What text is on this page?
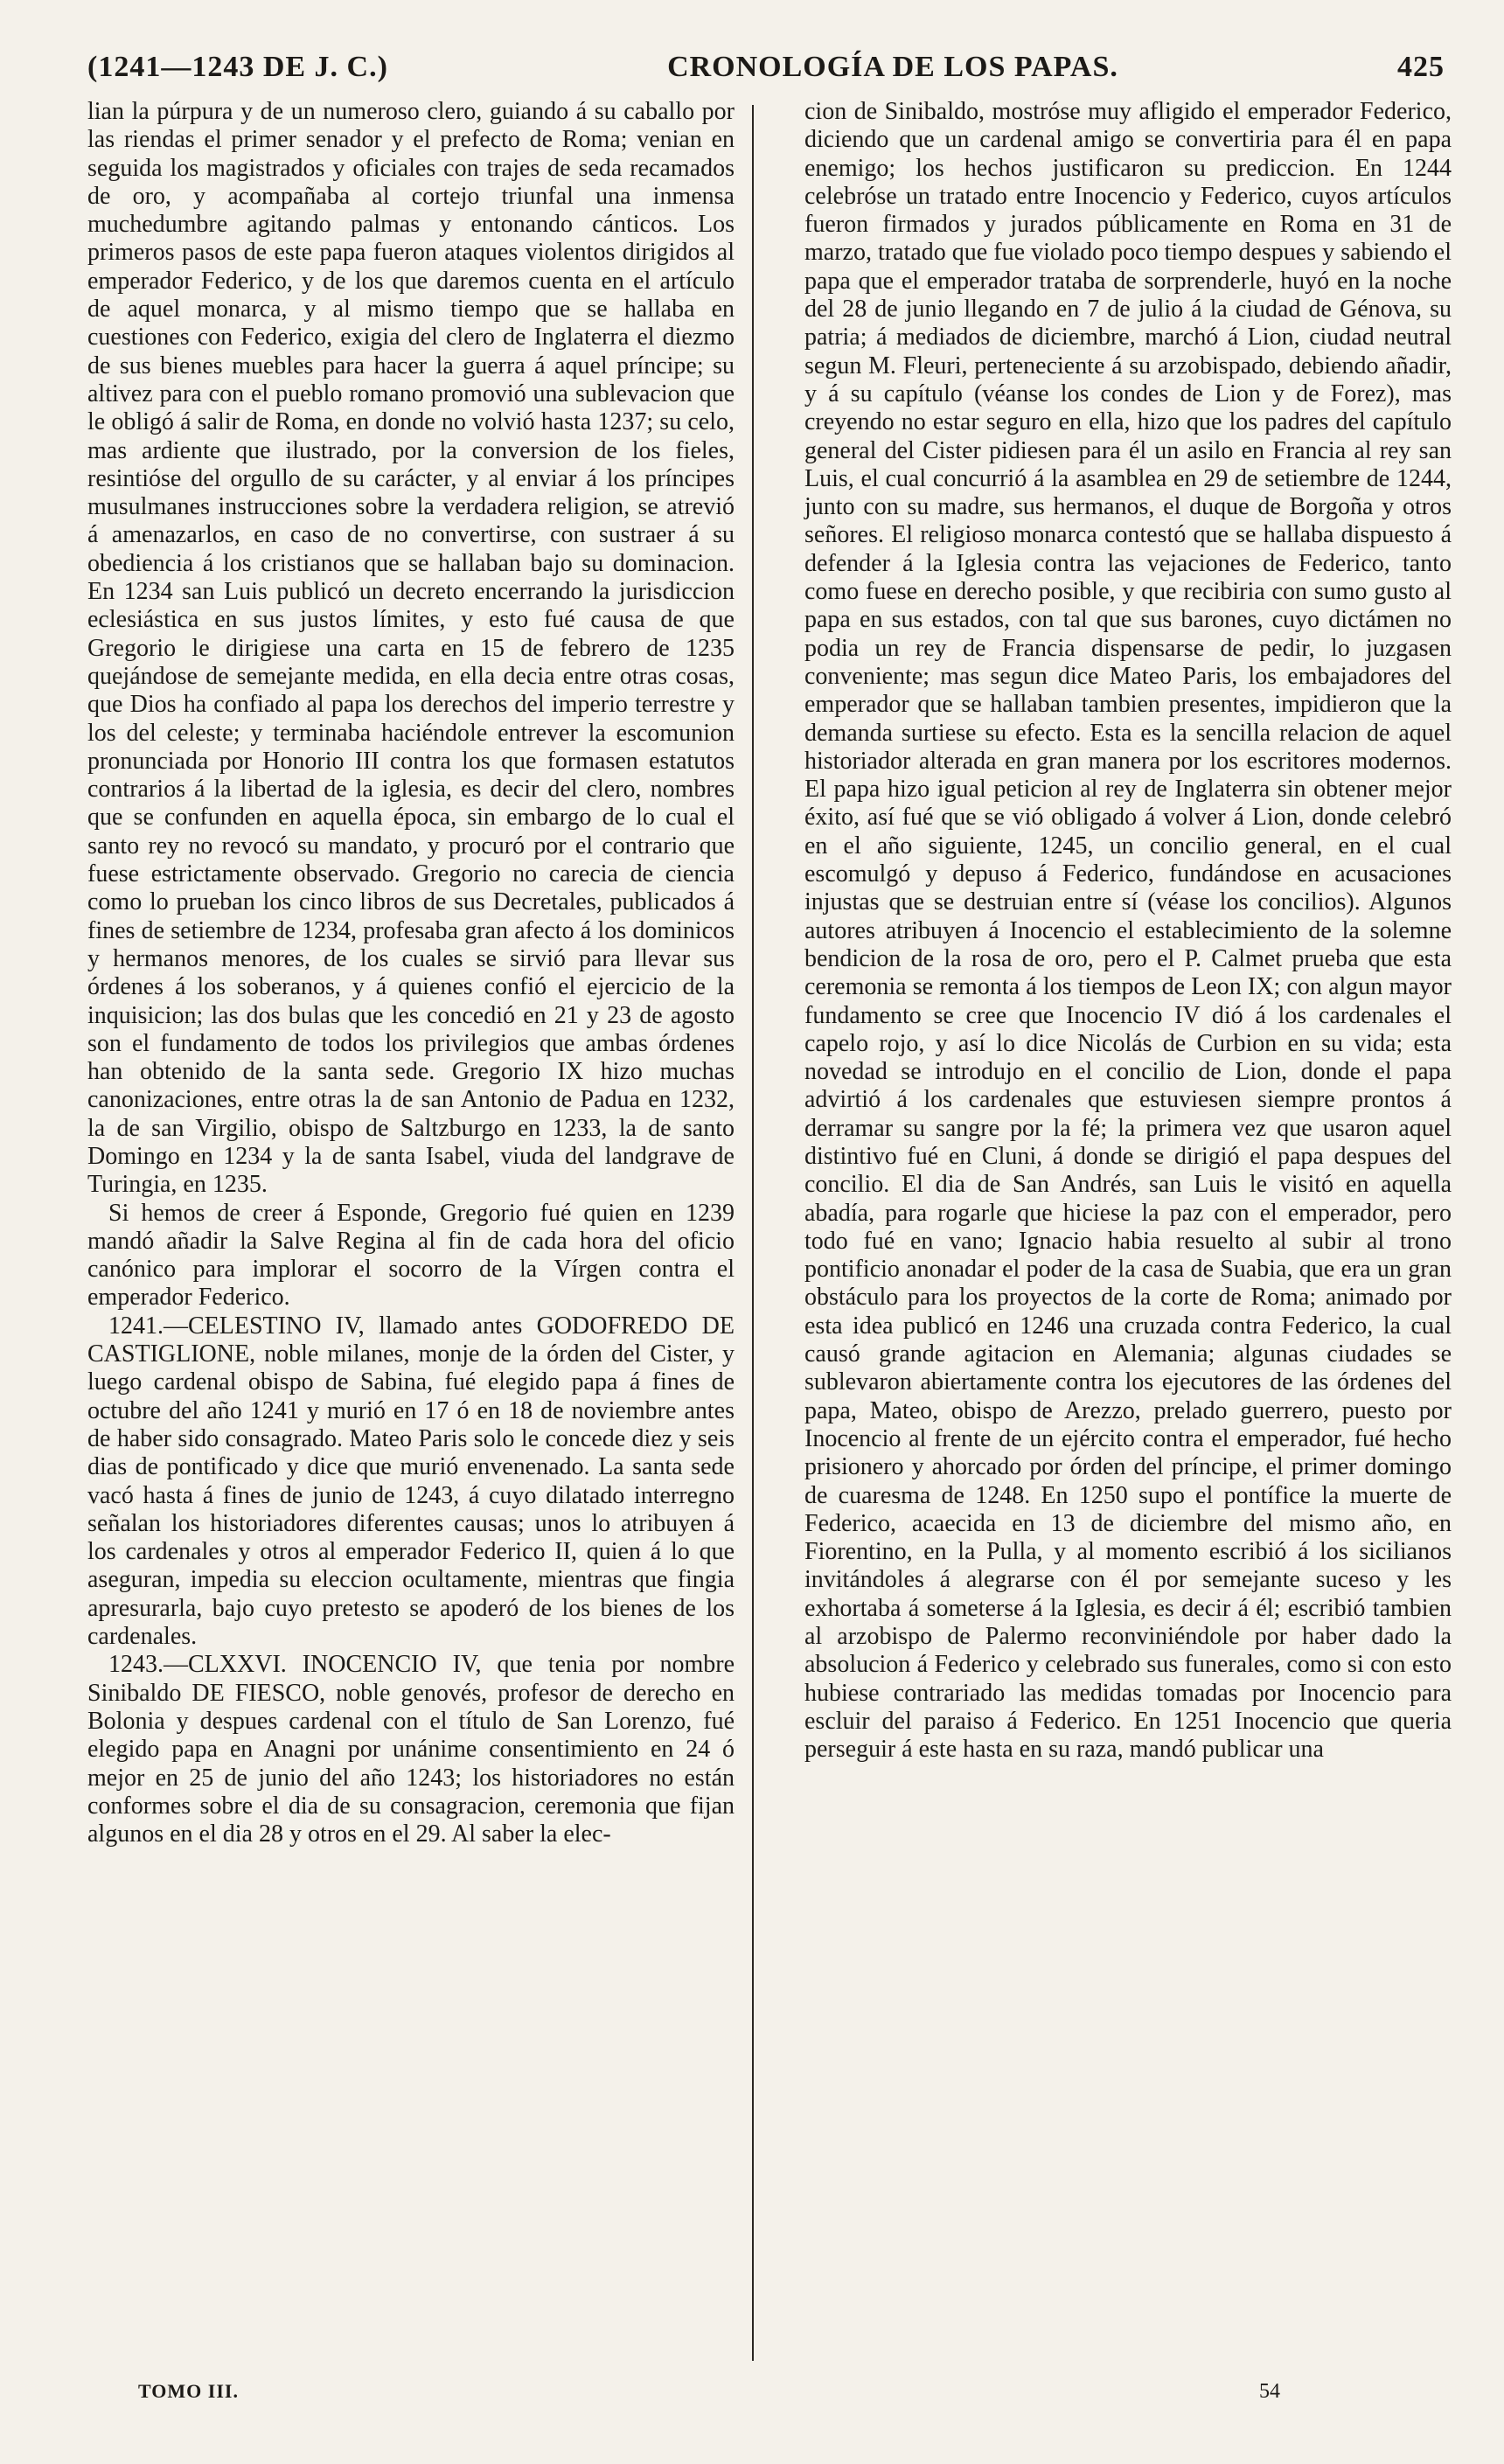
(1241—1243 DE J. C.)	CRONOLOGÍA DE LOS PAPAS.	425

lian la púrpura y de un numeroso clero, guiando á su caballo por las riendas el primer senador y el prefecto de Roma; venian en seguida los magistrados y oficiales con trajes de seda recamados de oro, y acompañaba al cortejo triunfal una inmensa muchedumbre agitando palmas y entonando cánticos. Los primeros pasos de este papa fueron ataques violentos dirigidos al emperador Federico, y de los que daremos cuenta en el artículo de aquel monarca, y al mismo tiempo que se hallaba en cuestiones con Federico, exigia del clero de Inglaterra el diezmo de sus bienes muebles para hacer la guerra á aquel príncipe; su altivez para con el pueblo romano promovió una sublevacion que le obligó á salir de Roma, en donde no volvió hasta 1237; su celo, mas ardiente que ilustrado, por la conversion de los fieles, resintióse del orgullo de su carácter, y al enviar á los príncipes musulmanes instrucciones sobre la verdadera religion, se atrevió á amenazarlos, en caso de no convertirse, con sustraer á su obediencia á los cristianos que se hallaban bajo su dominacion. En 1234 san Luis publicó un decreto encerrando la jurisdiccion eclesiástica en sus justos límites, y esto fué causa de que Gregorio le dirigiese una carta en 15 de febrero de 1235 quejándose de semejante medida, en ella decia entre otras cosas, que Dios ha confiado al papa los derechos del imperio terrestre y los del celeste; y terminaba haciéndole entrever la escomunion pronunciada por Honorio III contra los que formasen estatutos contrarios á la libertad de la iglesia, es decir del clero, nombres que se confunden en aquella época, sin embargo de lo cual el santo rey no revocó su mandato, y procuró por el contrario que fuese estrictamente observado. Gregorio no carecia de ciencia como lo prueban los cinco libros de sus Decretales, publicados á fines de setiembre de 1234, profesaba gran afecto á los dominicos y hermanos menores, de los cuales se sirvió para llevar sus órdenes á los soberanos, y á quienes confió el ejercicio de la inquisicion; las dos bulas que les concedió en 21 y 23 de agosto son el fundamento de todos los privilegios que ambas órdenes han obtenido de la santa sede. Gregorio IX hizo muchas canonizaciones, entre otras la de san Antonio de Padua en 1232, la de san Virgilio, obispo de Saltzburgo en 1233, la de santo Domingo en 1234 y la de santa Isabel, viuda del landgrave de Turingia, en 1235.

Si hemos de creer á Esponde, Gregorio fué quien en 1239 mandó añadir la Salve Regina al fin de cada hora del oficio canónico para implorar el socorro de la Vírgen contra el emperador Federico.

1241.—CELESTINO IV, llamado antes GODOFREDO DE CASTIGLIONE, noble milanes, monje de la órden del Cister, y luego cardenal obispo de Sabina, fué elegido papa á fines de octubre del año 1241 y murió en 17 ó en 18 de noviembre antes de haber sido consagrado. Mateo Paris solo le concede diez y seis dias de pontificado y dice que murió envenenado. La santa sede vacó hasta á fines de junio de 1243, á cuyo dilatado interregno señalan los historiadores diferentes causas; unos lo atribuyen á los cardenales y otros al emperador Federico II, quien á lo que aseguran, impedia su eleccion ocultamente, mientras que fingia apresurarla, bajo cuyo pretesto se apoderó de los bienes de los cardenales.

1243.—CLXXVI. INOCENCIO IV, que tenia por nombre Sinibaldo DE FIESCO, noble genovés, profesor de derecho en Bolonia y despues cardenal con el título de San Lorenzo, fué elegido papa en Anagni por unánime consentimiento en 24 ó mejor en 25 de junio del año 1243; los historiadores no están conformes sobre el dia de su consagracion, ceremonia que fijan algunos en el dia 28 y otros en el 29. Al saber la elec-

cion de Sinibaldo, mostróse muy afligido el emperador Federico, diciendo que un cardenal amigo se convertiria para él en papa enemigo; los hechos justificaron su prediccion. En 1244 celebróse un tratado entre Inocencio y Federico, cuyos artículos fueron firmados y jurados públicamente en Roma en 31 de marzo, tratado que fue violado poco tiempo despues y sabiendo el papa que el emperador trataba de sorprenderle, huyó en la noche del 28 de junio llegando en 7 de julio á la ciudad de Génova, su patria; á mediados de diciembre, marchó á Lion, ciudad neutral segun M. Fleuri, perteneciente á su arzobispado, debiendo añadir, y á su capítulo (véanse los condes de Lion y de Forez), mas creyendo no estar seguro en ella, hizo que los padres del capítulo general del Cister pidiesen para él un asilo en Francia al rey san Luis, el cual concurrió á la asamblea en 29 de setiembre de 1244, junto con su madre, sus hermanos, el duque de Borgoña y otros señores. El religioso monarca contestó que se hallaba dispuesto á defender á la Iglesia contra las vejaciones de Federico, tanto como fuese en derecho posible, y que recibiria con sumo gusto al papa en sus estados, con tal que sus barones, cuyo dictámen no podia un rey de Francia dispensarse de pedir, lo juzgasen conveniente; mas segun dice Mateo Paris, los embajadores del emperador que se hallaban tambien presentes, impidieron que la demanda surtiese su efecto. Esta es la sencilla relacion de aquel historiador alterada en gran manera por los escritores modernos. El papa hizo igual peticion al rey de Inglaterra sin obtener mejor éxito, así fué que se vió obligado á volver á Lion, donde celebró en el año siguiente, 1245, un concilio general, en el cual escomulgó y depuso á Federico, fundándose en acusaciones injustas que se destruian entre sí (véase los concilios). Algunos autores atribuyen á Inocencio el establecimiento de la solemne bendicion de la rosa de oro, pero el P. Calmet prueba que esta ceremonia se remonta á los tiempos de Leon IX; con algun mayor fundamento se cree que Inocencio IV dió á los cardenales el capelo rojo, y así lo dice Nicolás de Curbion en su vida; esta novedad se introdujo en el concilio de Lion, donde el papa advirtió á los cardenales que estuviesen siempre prontos á derramar su sangre por la fé; la primera vez que usaron aquel distintivo fué en Cluni, á donde se dirigió el papa despues del concilio. El dia de San Andrés, san Luis le visitó en aquella abadía, para rogarle que hiciese la paz con el emperador, pero todo fué en vano; Ignacio habia resuelto al subir al trono pontificio anonadar el poder de la casa de Suabia, que era un gran obstáculo para los proyectos de la corte de Roma; animado por esta idea publicó en 1246 una cruzada contra Federico, la cual causó grande agitacion en Alemania; algunas ciudades se sublevaron abiertamente contra los ejecutores de las órdenes del papa, Mateo, obispo de Arezzo, prelado guerrero, puesto por Inocencio al frente de un ejército contra el emperador, fué hecho prisionero y ahorcado por órden del príncipe, el primer domingo de cuaresma de 1248. En 1250 supo el pontífice la muerte de Federico, acaecida en 13 de diciembre del mismo año, en Fiorentino, en la Pulla, y al momento escribió á los sicilianos invitándoles á alegrarse con él por semejante suceso y les exhortaba á someterse á la Iglesia, es decir á él; escribió tambien al arzobispo de Palermo reconviniéndole por haber dado la absolucion á Federico y celebrado sus funerales, como si con esto hubiese contrariado las medidas tomadas por Inocencio para escluir del paraiso á Federico. En 1251 Inocencio que queria perseguir á este hasta en su raza, mandó publicar una

TOMO III.	54
